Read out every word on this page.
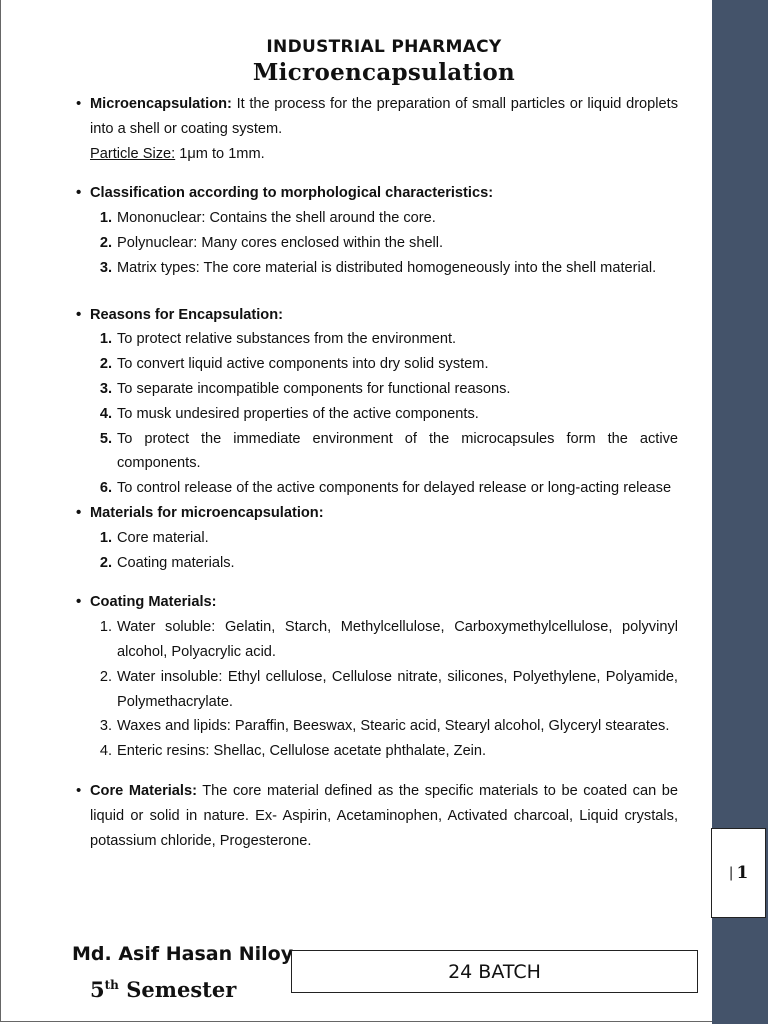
| 1
INDUSTRIAL PHARMACY
Microencapsulation
• Microencapsulation: It the process for the preparation of small particles or liquid droplets into a shell or coating system.
Particle Size: 1μm to 1mm.
• Classification according to morphological characteristics:
1. Mononuclear: Contains the shell around the core.
2. Polynuclear: Many cores enclosed within the shell.
3. Matrix types: The core material is distributed homogeneously into the shell material.
• Reasons for Encapsulation:
1. To protect relative substances from the environment.
2. To convert liquid active components into dry solid system.
3. To separate incompatible components for functional reasons.
4. To musk undesired properties of the active components.
5. To protect the immediate environment of the microcapsules form the active components.
6. To control release of the active components for delayed release or long-acting release
• Materials for microencapsulation:
1. Core material.
2. Coating materials.
• Coating Materials:
1. Water soluble: Gelatin, Starch, Methylcellulose, Carboxymethylcellulose, polyvinyl alcohol, Polyacrylic acid.
2. Water insoluble: Ethyl cellulose, Cellulose nitrate, silicones, Polyethylene, Polyamide, Polymethacrylate.
3. Waxes and lipids: Paraffin, Beeswax, Stearic acid, Stearyl alcohol, Glyceryl stearates.
4. Enteric resins: Shellac, Cellulose acetate phthalate, Zein.
• Core Materials: The core material defined as the specific materials to be coated can be liquid or solid in nature. Ex- Aspirin, Acetaminophen, Activated charcoal, Liquid crystals, potassium chloride, Progesterone.
Md. Asif Hasan Niloy
5th Semester
24 BATCH
